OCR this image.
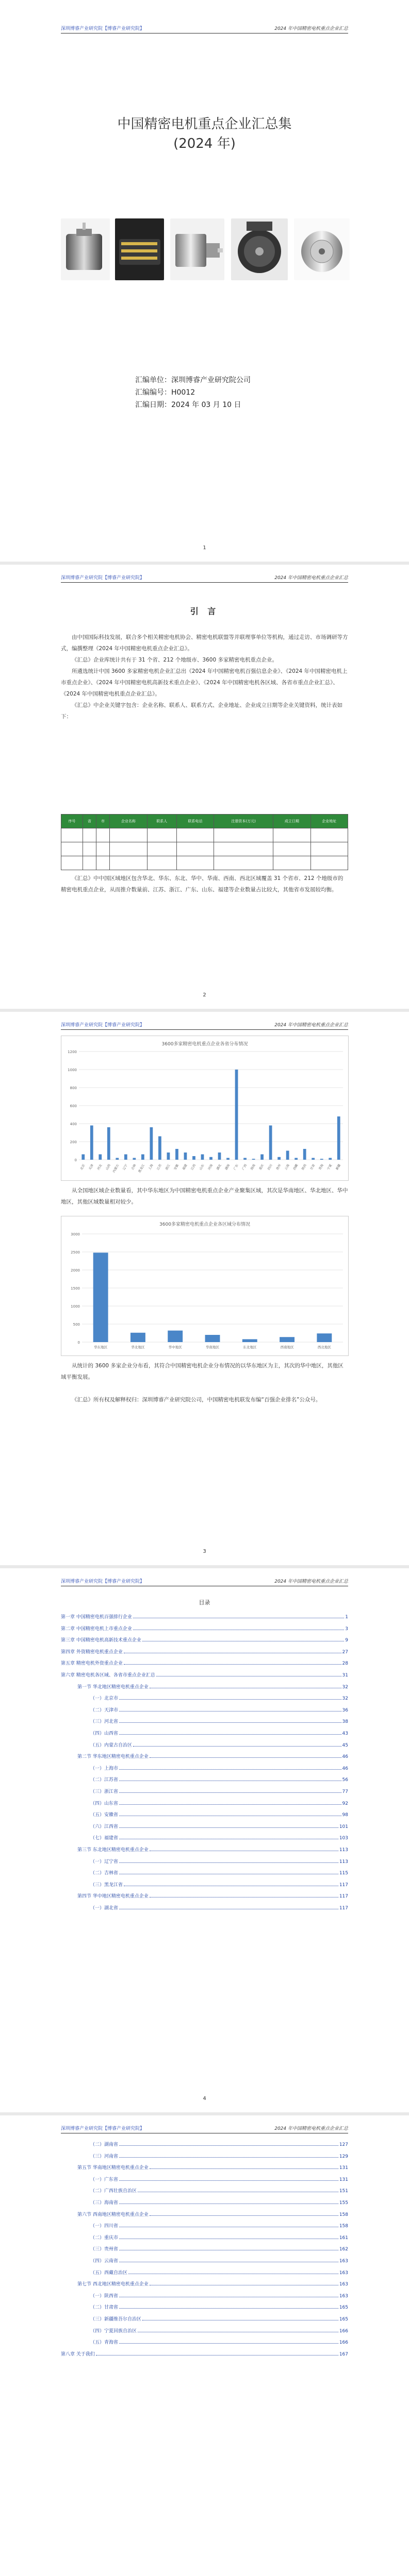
深圳博睿产业研究院【博睿产业研究院】	2024 年中国精密电机重点企业汇总
中国精密电机重点企业汇总集
(2024 年)
汇编单位：深圳博睿产业研究院公司
汇编编号：H0012
汇编日期：2024 年 03 月 10 日
1
深圳博睿产业研究院【博睿产业研究院】	2024 年中国精密电机重点企业汇总
引 言

由中国国际科技发展，联合多个相关精密电机协会、精密电机联盟等并联理事单位等机构，通过走访、市场调研等方式，编撰整理《2024 年中国精密电机重点企业汇总》。

《汇总》企业库统计共有于 31 个省、212 个地级市、3600 多家精密电机重点企业。

所遴选统计中国 3600 多家精密电机企业汇总出《2024 年中国精密电机百强信息企业》、《2024 年中国精密电机上市重点企业》、《2024 年中国精密电机高新技术重点企业》、《2024 年中国精密电机各区域、各省市重点企业汇总》、《2024 年中国精密电机重点企业汇总》。

《汇总》中企业关键字包含：企业名称、联系人、联系方式、企业地址、企业成立日期等企业关键资料，统计表如下：

序号	省	市	企业名称	联系人	联系电话	注册资本(万元)	成立日期	企业地址

《汇总》中中国区域地区包含华北、华东、东北、华中、华南、西南、西北区域覆盖 31 个省市、212 个地级市的精密电机重点企业，从而推介数量前、江苏、浙江、广东、山东、福建等企业数量占比较大，其他省市发展较均衡。

2
深圳博睿产业研究院【博睿产业研究院】	2024 年中国精密电机重点企业汇总
3600多家精密电机重点企业各省分布情况
0
200
400
600
800
1000
1200
北京 天津 河北 山西 内蒙古 辽宁 吉林 黑龙江 上海 江苏 浙江 安徽 福建 江西 山东 河南 湖北 湖南 广东 广西 海南 重庆 四川 贵州 云南 西藏 陕西 甘肃 青海 宁夏 新疆

从全国地区域企业数量看，其中华东地区为中国精密电机重点企业产业聚集区域，其次是华南地区、华北地区、华中地区，其他区域数量相对较少。

3600多家精密电机重点企业各区域分布情况
0
500
1000
1500
2000
2500
3000
华东地区	华北地区	华中地区	华南地区	东北地区	西南地区	西北地区

从统计的 3600 多家企业分布看，其符合中国精密电机企业分布情况的以华东地区为主，其次的华中地区，其他区域平衡发展。

《汇总》所有权及解释权归：深圳博睿产业研究院公司，中国精密电机联发布编“百强企业排名”公众号。

3
深圳博睿产业研究院【博睿产业研究院】	2024 年中国精密电机重点企业汇总
目录
第一章 中国精密电机百强排行企业	1
第二章 中国精密电机上市重点企业	3
第三章 中国精密电机高新技术重点企业	9
第四章 外资精密电机重点企业	27
第五章 精密电机外资重点企业	28
第六章 精密电机各区域、各省市重点企业汇总	31
第一节 华北地区精密电机重点企业	32
（一）北京市	32
（二）天津市	36
（三）河北省	38
（四）山西省	43
（五）内蒙古自治区	45
第二节 华东地区精密电机重点企业	46
（一）上海市	46
（二）江苏省	56
（三）浙江省	77
（四）山东省	92
（五）安徽省	98
（六）江西省	101
（七）福建省	103
第三节 东北地区精密电机重点企业	113
（一）辽宁省	113
（二）吉林省	115
（三）黑龙江省	117
第四节 华中地区精密电机重点企业	117
（一）湖北省	117
4
深圳博睿产业研究院【博睿产业研究院】	2024 年中国精密电机重点企业汇总
（二）湖南省	127
（三）河南省	129
第五节 华南地区精密电机重点企业	131
（一）广东省	131
（二）广西壮族自治区	151
（三）海南省	155
第六节 西南地区精密电机重点企业	158
（一）四川省	158
（二）重庆市	161
（三）贵州省	162
（四）云南省	163
（五）西藏自治区	163
第七节 西北地区精密电机重点企业	163
（一）陕西省	163
（二）甘肃省	165
（三）新疆维吾尔自治区	165
（四）宁夏回族自治区	166
（五）青海省	166
第八章 关于我们	167
